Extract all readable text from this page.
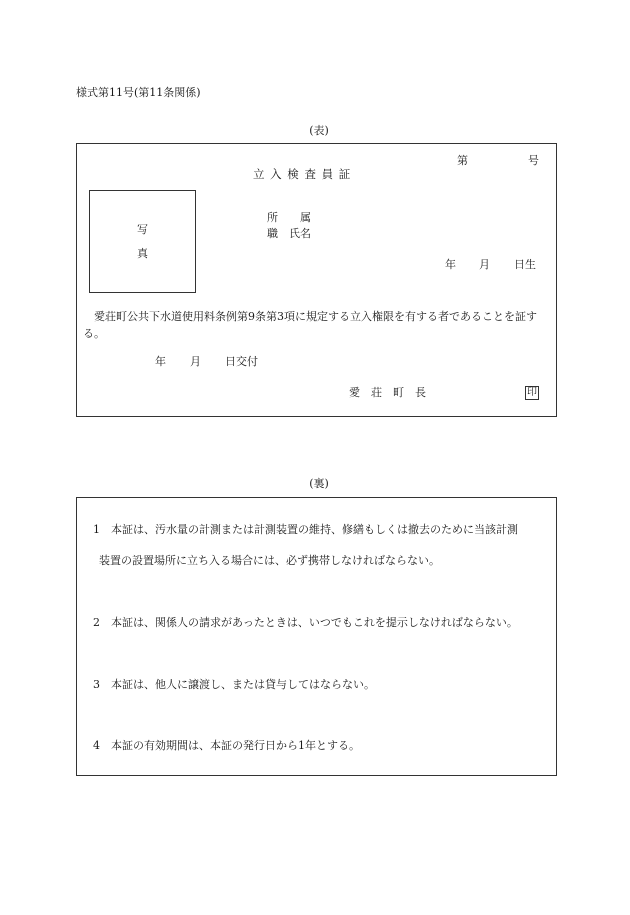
様式第11号(第11条関係)
(表)
第	号
立 入 検 査 員 証
写
真
所　　属
職　氏名
年 月 日生
愛荘町公共下水道使用料条例第9条第3項に規定する立入権限を有する者であることを証する。
年 月 日交付
愛　荘　町　長	印
(裏)
1 本証は、汚水量の計測または計測装置の維持、修繕もしくは撤去のために当該計測
装置の設置場所に立ち入る場合には、必ず携帯しなければならない。
2 本証は、関係人の請求があったときは、いつでもこれを提示しなければならない。
3 本証は、他人に譲渡し、または貸与してはならない。
4 本証の有効期間は、本証の発行日から1年とする。
